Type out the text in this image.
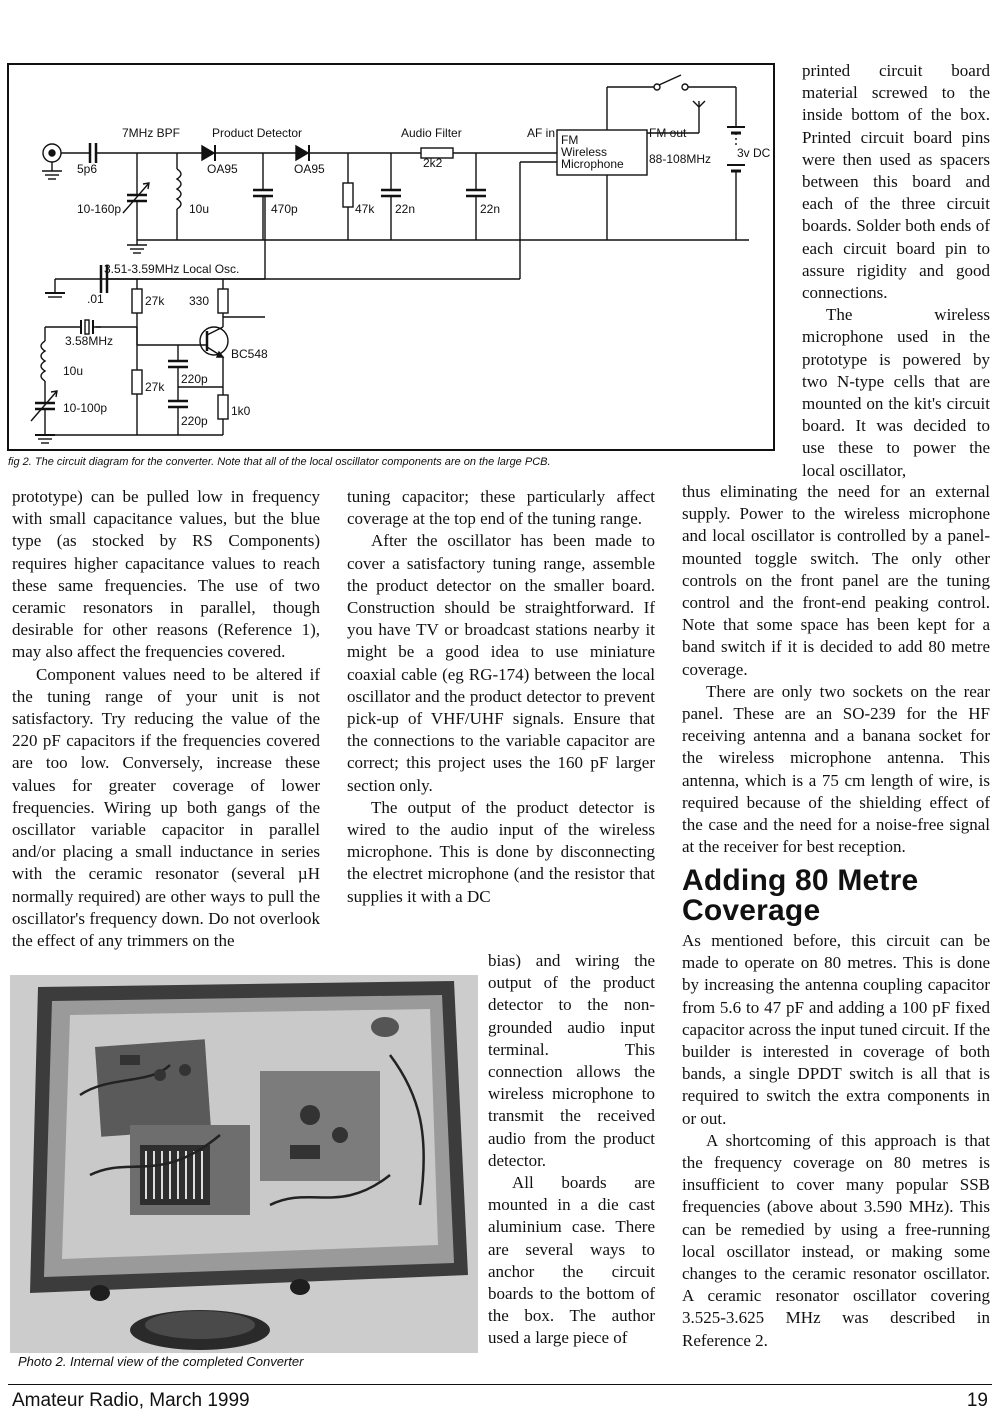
7MHz BPF	Product Detector	Audio Filter	AF in FM
Wireless
Microphone
FM out
88-108MHz 3v DC
5p6
10-160p	10u
OA95	OA95
470p	47k 22n
2k2
22n
3.51-3.59MHz Local Osc.
.01	27k 330
3.58MHz
BC548
10u
220p
27k
10-100p
220p
1k0
fig 2. The circuit diagram for the converter. Note that all of the local oscillator components are on the large PCB.

printed circuit board material screwed to the inside bottom of the box. Printed circuit board pins were then used as spacers between this board and each of the three circuit boards. Solder both ends of each circuit board pin to assure rigidity and good connections.

The wireless microphone used in the prototype is powered by two N-type cells that are mounted on the kit's circuit board. It was decided to use these to power the local oscillator,

prototype) can be pulled low in frequency with small capacitance values, but the blue type (as stocked by RS Components) requires higher capacitance values to reach these same frequencies. The use of two ceramic resonators in parallel, though desirable for other reasons (Reference 1), may also affect the frequencies covered.

Component values need to be altered if the tuning range of your unit is not satisfactory. Try reducing the value of the 220 pF capacitors if the frequencies covered are too low. Conversely, increase these values for greater coverage of lower frequencies. Wiring up both gangs of the oscillator variable capacitor in parallel and/or placing a small inductance in series with the ceramic resonator (several µH normally required) are other ways to pull the oscillator's frequency down. Do not overlook the effect of any trimmers on the

tuning capacitor; these particularly affect coverage at the top end of the tuning range.

After the oscillator has been made to cover a satisfactory tuning range, assemble the product detector on the smaller board. Construction should be straightforward. If you have TV or broadcast stations nearby it might be a good idea to use miniature coaxial cable (eg RG-174) between the local oscillator and the product detector to prevent pick-up of VHF/UHF signals. Ensure that the connections to the variable capacitor are correct; this project uses the 160 pF larger section only.

The output of the product detector is wired to the audio input of the wireless microphone. This is done by disconnecting the electret microphone (and the resistor that supplies it with a DC

bias) and wiring the output of the product detector to the non-grounded audio input terminal. This connection allows the wireless microphone to transmit the received audio from the product detector.

All boards are mounted in a die cast aluminium case. There are several ways to anchor the circuit boards to the bottom of the box. The author used a large piece of

Photo 2. Internal view of the completed Converter

thus eliminating the need for an external supply. Power to the wireless microphone and local oscillator is controlled by a panel-mounted toggle switch. The only other controls on the front panel are the tuning control and the front-end peaking control. Note that some space has been kept for a band switch if it is decided to add 80 metre coverage.

There are only two sockets on the rear panel. These are an SO-239 for the HF receiving antenna and a banana socket for the wireless microphone antenna. This antenna, which is a 75 cm length of wire, is required because of the shielding effect of the case and the need for a noise-free signal at the receiver for best reception.

Adding 80 Metre
Coverage

As mentioned before, this circuit can be made to operate on 80 metres. This is done by increasing the antenna coupling capacitor from 5.6 to 47 pF and adding a 100 pF fixed capacitor across the input tuned circuit. If the builder is interested in coverage of both bands, a single DPDT switch is all that is required to switch the extra components in or out.

A shortcoming of this approach is that the frequency coverage on 80 metres is insufficient to cover many popular SSB frequencies (above about 3.590 MHz). This can be remedied by using a free-running local oscillator instead, or making some changes to the ceramic resonator oscillator. A ceramic resonator oscillator covering 3.525-3.625 MHz was described in Reference 2.

Amateur Radio, March 1999	19
